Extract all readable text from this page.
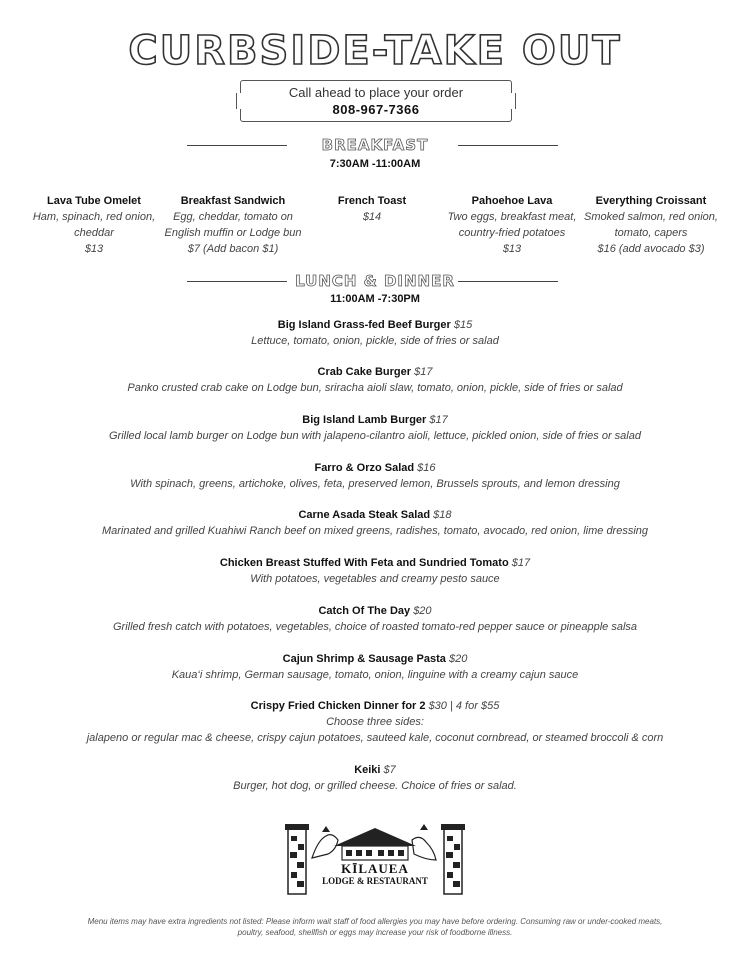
CURBSIDE-TAKE OUT
Call ahead to place your order
808-967-7366
BREAKFAST
7:30AM -11:00AM
Lava Tube Omelet
Ham, spinach, red onion, cheddar
$13
Breakfast Sandwich
Egg, cheddar, tomato on English muffin or Lodge bun
$7 (Add bacon $1)
French Toast
$14
Pahoehoe Lava
Two eggs, breakfast meat, country-fried potatoes
$13
Everything Croissant
Smoked salmon, red onion, tomato, capers
$16 (add avocado $3)
LUNCH & DINNER
11:00AM -7:30PM
Big Island Grass-fed Beef Burger $15
Lettuce, tomato, onion, pickle, side of fries or salad
Crab Cake Burger $17
Panko crusted crab cake on Lodge bun, sriracha aioli slaw, tomato, onion, pickle, side of fries or salad
Big Island Lamb Burger $17
Grilled local lamb burger on Lodge bun with jalapeno-cilantro aioli, lettuce, pickled onion, side of fries or salad
Farro & Orzo Salad $16
With spinach, greens, artichoke, olives, feta, preserved lemon, Brussels sprouts, and lemon dressing
Carne Asada Steak Salad $18
Marinated and grilled Kuahiwi Ranch beef on mixed greens, radishes, tomato, avocado, red onion, lime dressing
Chicken Breast Stuffed With Feta and Sundried Tomato $17
With potatoes, vegetables and creamy pesto sauce
Catch Of The Day $20
Grilled fresh catch with potatoes, vegetables, choice of roasted tomato-red pepper sauce or pineapple salsa
Cajun Shrimp & Sausage Pasta $20
Kaua‘i shrimp, German sausage, tomato, onion, linguine with a creamy cajun sauce
Crispy Fried Chicken Dinner for 2 $30 | 4 for $55
Choose three sides:
jalapeno or regular mac & cheese, crispy cajun potatoes, sauteed kale, coconut cornbread, or steamed broccoli & corn
Keiki $7
Burger, hot dog, or grilled cheese. Choice of fries or salad.
KĪLAUEA
LODGE & RESTAURANT
Menu items may have extra ingredients not listed: Please inform wait staff of food allergies you may have before ordering. Consuming raw or under-cooked meats, poultry, seafood, shellfish or eggs may increase your risk of foodborne illness.
